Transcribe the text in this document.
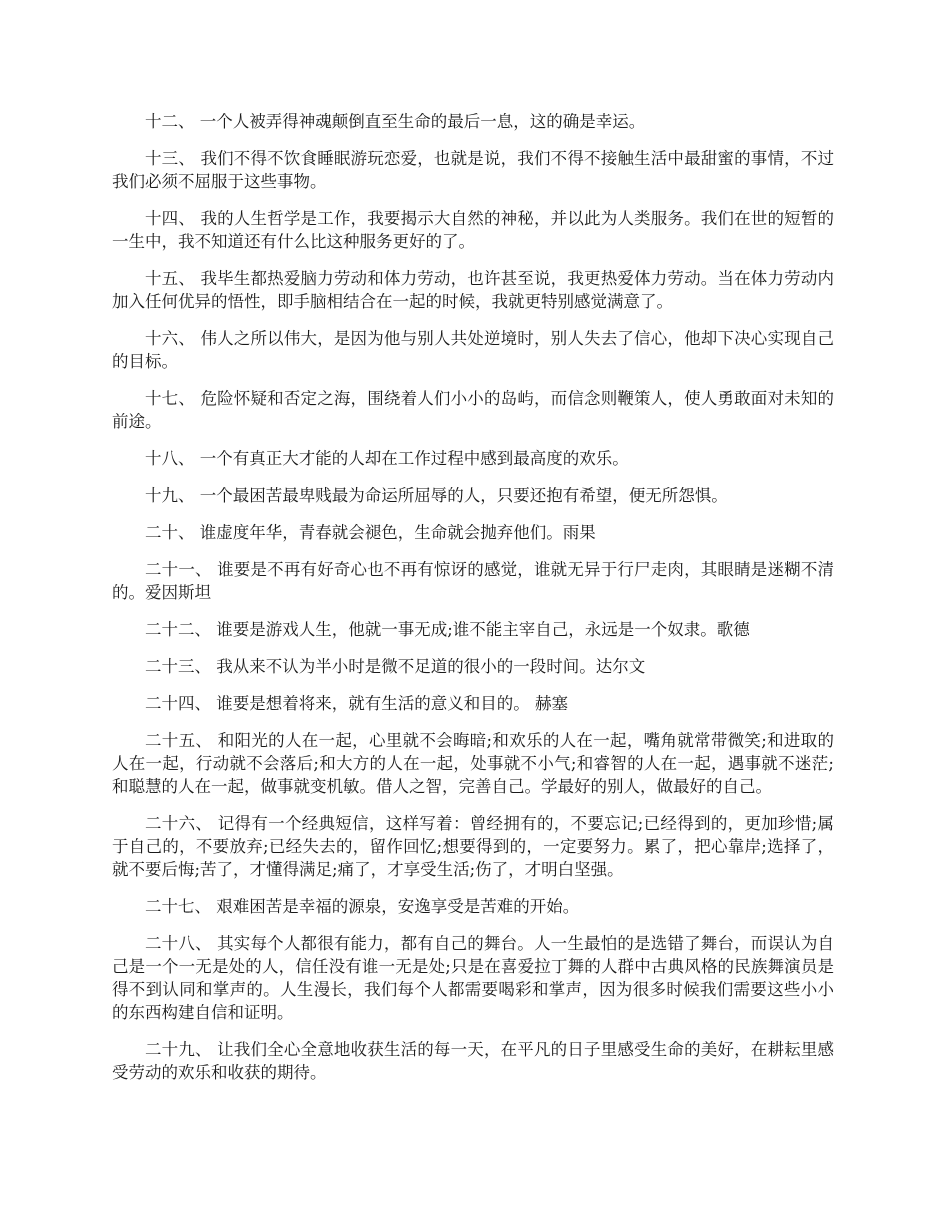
十二、 一个人被弄得神魂颠倒直至生命的最后一息，这的确是幸运。

十三、 我们不得不饮食睡眠游玩恋爱，也就是说，我们不得不接触生活中最甜蜜的事情，不过我们必须不屈服于这些事物。

十四、 我的人生哲学是工作，我要揭示大自然的神秘，并以此为人类服务。我们在世的短暂的一生中，我不知道还有什么比这种服务更好的了。

十五、 我毕生都热爱脑力劳动和体力劳动，也许甚至说，我更热爱体力劳动。当在体力劳动内加入任何优异的悟性，即手脑相结合在一起的时候，我就更特别感觉满意了。

十六、 伟人之所以伟大，是因为他与别人共处逆境时，别人失去了信心，他却下决心实现自己的目标。

十七、 危险怀疑和否定之海，围绕着人们小小的岛屿，而信念则鞭策人，使人勇敢面对未知的前途。

十八、 一个有真正大才能的人却在工作过程中感到最高度的欢乐。

十九、 一个最困苦最卑贱最为命运所屈辱的人，只要还抱有希望，便无所怨惧。

二十、 谁虚度年华，青春就会褪色，生命就会抛弃他们。雨果

二十一、 谁要是不再有好奇心也不再有惊讶的感觉，谁就无异于行尸走肉，其眼睛是迷糊不清的。爱因斯坦

二十二、 谁要是游戏人生，他就一事无成;谁不能主宰自己，永远是一个奴隶。歌德

二十三、 我从来不认为半小时是微不足道的很小的一段时间。达尔文

二十四、 谁要是想着将来，就有生活的意义和目的。 赫塞

二十五、 和阳光的人在一起，心里就不会晦暗;和欢乐的人在一起，嘴角就常带微笑;和进取的人在一起，行动就不会落后;和大方的人在一起，处事就不小气;和睿智的人在一起，遇事就不迷茫;和聪慧的人在一起，做事就变机敏。借人之智，完善自己。学最好的别人，做最好的自己。

二十六、 记得有一个经典短信，这样写着：曾经拥有的，不要忘记;已经得到的，更加珍惜;属于自己的，不要放弃;已经失去的，留作回忆;想要得到的，一定要努力。累了，把心靠岸;选择了，就不要后悔;苦了，才懂得满足;痛了，才享受生活;伤了，才明白坚强。

二十七、 艰难困苦是幸福的源泉，安逸享受是苦难的开始。

二十八、 其实每个人都很有能力，都有自己的舞台。人一生最怕的是选错了舞台，而误认为自己是一个一无是处的人，信任没有谁一无是处;只是在喜爱拉丁舞的人群中古典风格的民族舞演员是得不到认同和掌声的。人生漫长，我们每个人都需要喝彩和掌声，因为很多时候我们需要这些小小的东西构建自信和证明。

二十九、 让我们全心全意地收获生活的每一天，在平凡的日子里感受生命的美好，在耕耘里感受劳动的欢乐和收获的期待。
